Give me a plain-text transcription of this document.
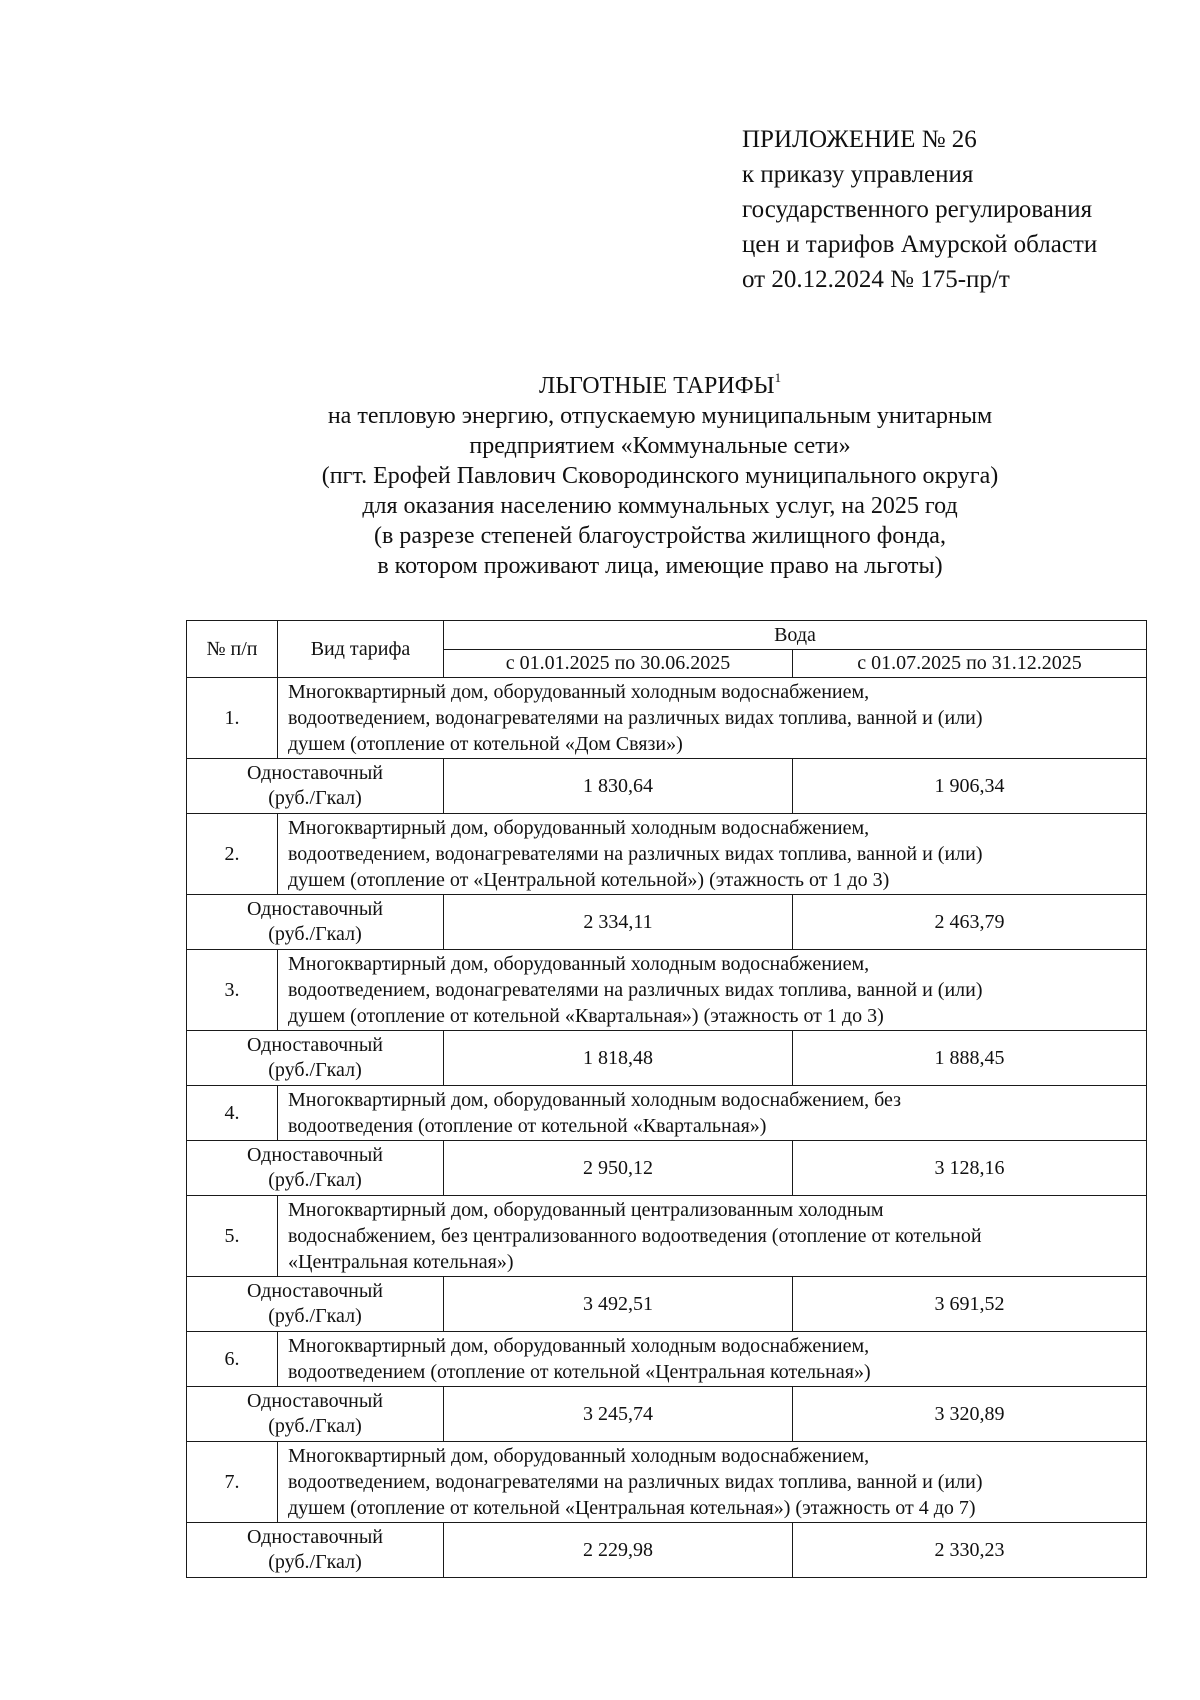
ПРИЛОЖЕНИЕ № 26
к приказу управления
государственного регулирования
цен и тарифов Амурской области
от 20.12.2024 № 175-пр/т
ЛЬГОТНЫЕ ТАРИФЫ$^1$
на тепловую энергию, отпускаемую муниципальным унитарным
предприятием «Коммунальные сети»
(пгт. Ерофей Павлович Сковородинского муниципального округа)
для оказания населению коммунальных услуг, на 2025 год
(в разрезе степеней благоустройства жилищного фонда,
в котором проживают лица, имеющие право на льготы)
№ п/п	Вид тарифа	Вода	
		с 01.01.2025 по 30.06.2025	с 01.07.2025 по 31.12.2025
1.	Многоквартирный дом, оборудованный холодным водоснабжением,
водоотведением, водонагревателями на различных видах топлива, ванной и (или)
душем (отопление от котельной «Дом Связи»)		

Одноставочный
(руб./Гкал)		1 830,64	1 906,34
2.	Многоквартирный дом, оборудованный холодным водоснабжением,
водоотведением, водонагревателями на различных видах топлива, ванной и (или)
душем (отопление от «Центральной котельной») (этажность от 1 до 3)		

Одноставочный
(руб./Гкал)		2 334,11	2 463,79
3.	Многоквартирный дом, оборудованный холодным водоснабжением,
водоотведением, водонагревателями на различных видах топлива, ванной и (или)
душем (отопление от котельной «Квартальная») (этажность от 1 до 3)		

Одноставочный
(руб./Гкал)		1 818,48	1 888,45
4.	Многоквартирный дом, оборудованный холодным водоснабжением, без
водоотведения (отопление от котельной «Квартальная»)		

Одноставочный
(руб./Гкал)		2 950,12	3 128,16
5.	Многоквартирный дом, оборудованный централизованным холодным
водоснабжением, без централизованного водоотведения (отопление от котельной
«Центральная котельная»)		

Одноставочный
(руб./Гкал)		3 492,51	3 691,52
6.	Многоквартирный дом, оборудованный холодным водоснабжением,
водоотведением (отопление от котельной «Центральная котельная»)		

Одноставочный
(руб./Гкал)		3 245,74	3 320,89
7.	Многоквартирный дом, оборудованный холодным водоснабжением,
водоотведением, водонагревателями на различных видах топлива, ванной и (или)
душем (отопление от котельной «Центральная котельная») (этажность от 4 до 7)		

Одноставочный
(руб./Гкал)		2 229,98	2 330,23
